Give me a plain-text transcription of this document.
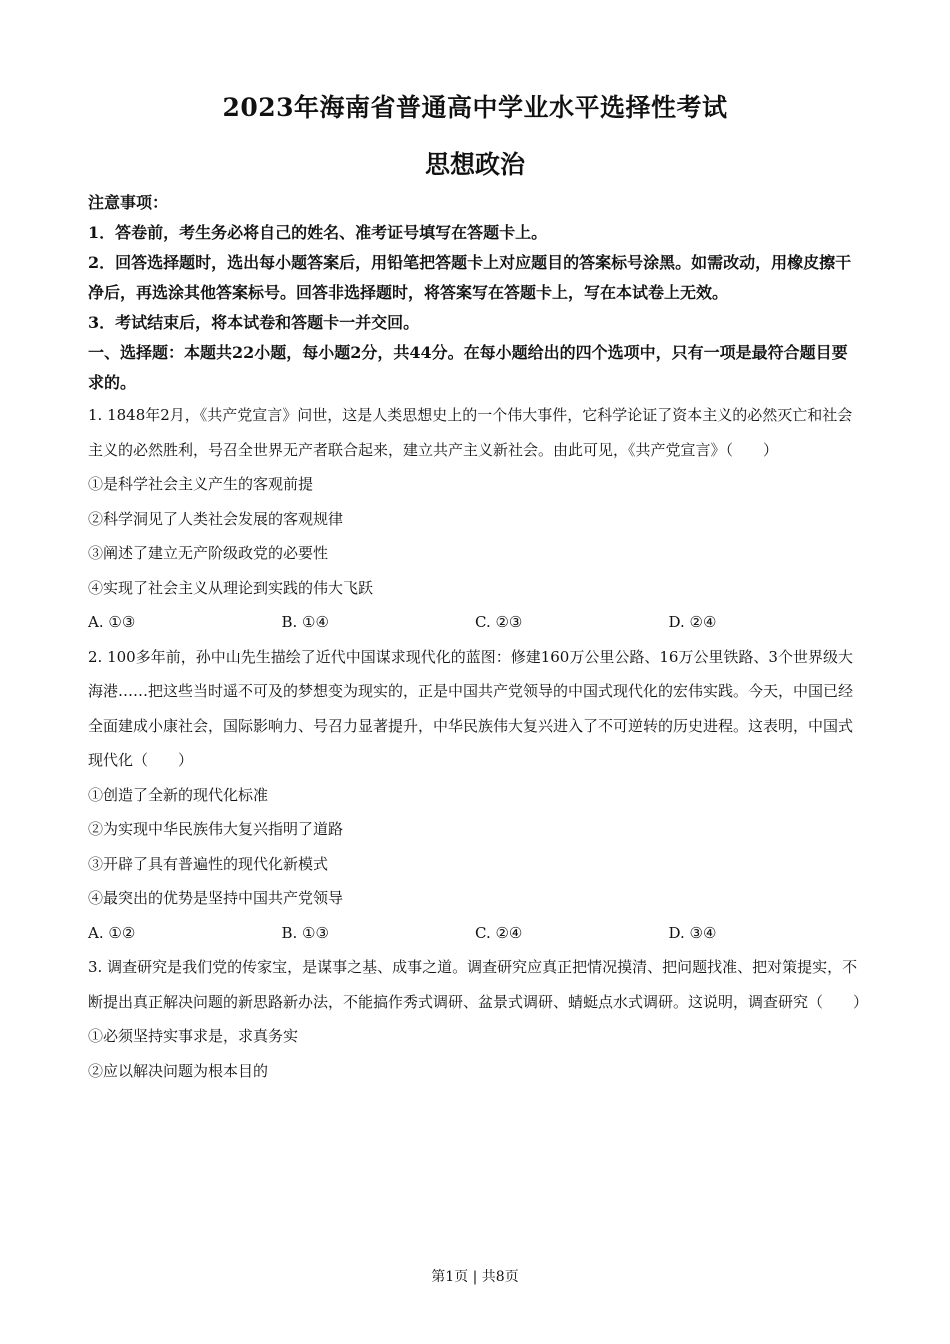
2023年海南省普通高中学业水平选择性考试
思想政治
注意事项：
1．答卷前，考生务必将自己的姓名、准考证号填写在答题卡上。
2．回答选择题时，选出每小题答案后，用铅笔把答题卡上对应题目的答案标号涂黑。如需改动，用橡皮擦干净后，再选涂其他答案标号。回答非选择题时，将答案写在答题卡上，写在本试卷上无效。
3．考试结束后，将本试卷和答题卡一并交回。
一、选择题：本题共22小题，每小题2分，共44分。在每小题给出的四个选项中，只有一项是最符合题目要求的。
1. 1848年2月，《共产党宣言》问世，这是人类思想史上的一个伟大事件，它科学论证了资本主义的必然灭亡和社会主义的必然胜利，号召全世界无产者联合起来，建立共产主义新社会。由此可见，《共产党宣言》（　　）
①是科学社会主义产生的客观前提
②科学洞见了人类社会发展的客观规律
③阐述了建立无产阶级政党的必要性
④实现了社会主义从理论到实践的伟大飞跃
A. ①③	B. ①④	C. ②③	D. ②④
2. 100多年前，孙中山先生描绘了近代中国谋求现代化的蓝图：修建160万公里公路、16万公里铁路、3个世界级大海港……把这些当时遥不可及的梦想变为现实的，正是中国共产党领导的中国式现代化的宏伟实践。今天，中国已经全面建成小康社会，国际影响力、号召力显著提升，中华民族伟大复兴进入了不可逆转的历史进程。这表明，中国式现代化（　　）
①创造了全新的现代化标准
②为实现中华民族伟大复兴指明了道路
③开辟了具有普遍性的现代化新模式
④最突出的优势是坚持中国共产党领导
A. ①②	B. ①③	C. ②④	D. ③④
3. 调查研究是我们党的传家宝，是谋事之基、成事之道。调查研究应真正把情况摸清、把问题找准、把对策提实，不断提出真正解决问题的新思路新办法，不能搞作秀式调研、盆景式调研、蜻蜓点水式调研。这说明，调查研究（　　）
①必须坚持实事求是，求真务实
②应以解决问题为根本目的
第1页 | 共8页
